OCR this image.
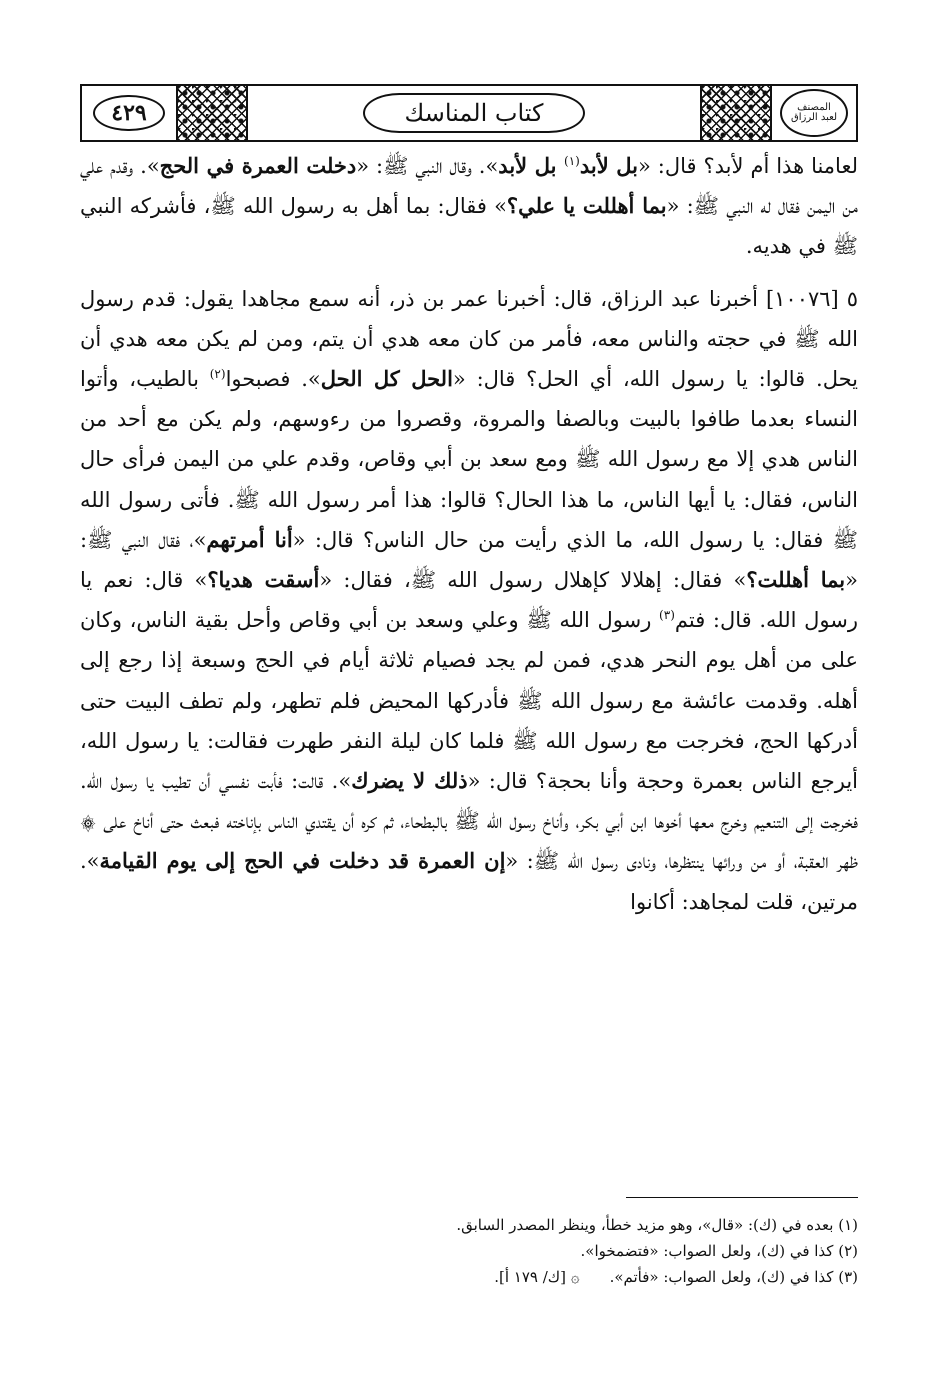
٤٢٩	كتاب المناسك	المصنف
لعبد الرزاق

لعامنا هذا أم لأبد؟ قال: «بل لأبد$^{(١)}$ بل لأبد». وقال النبي ﷺ: «دخلت العمرة في الحج». وقدم علي من اليمن فقال له النبي ﷺ: «بما أهللت يا علي؟» فقال: بما أهل به رسول الله ﷺ، فأشركه النبي ﷺ في هديه.

٥ [١٠٠٧٦] أخبرنا عبد الرزاق، قال: أخبرنا عمر بن ذر، أنه سمع مجاهدا يقول: قدم رسول الله ﷺ في حجته والناس معه، فأمر من كان معه هدي أن يتم، ومن لم يكن معه هدي أن يحل. قالوا: يا رسول الله، أي الحل؟ قال: «الحل كل الحل». فصبحوا$^{(٢)}$ بالطيب، وأتوا النساء بعدما طافوا بالبيت وبالصفا والمروة، وقصروا من رءوسهم، ولم يكن مع أحد من الناس هدي إلا مع رسول الله ﷺ ومع سعد بن أبي وقاص، وقدم علي من اليمن فرأى حال الناس، فقال: يا أيها الناس، ما هذا الحال؟ قالوا: هذا أمر رسول الله ﷺ. فأتى رسول الله ﷺ فقال: يا رسول الله، ما الذي رأيت من حال الناس؟ قال: «أنا أمرتهم»، فقال النبي ﷺ: «بما أهللت؟» فقال: إهلالا كإهلال رسول الله ﷺ، فقال: «أسقت هديا؟» قال: نعم يا رسول الله. قال: فتم$^{(٣)}$ رسول الله ﷺ وعلي وسعد بن أبي وقاص وأحل بقية الناس، وكان على من أهل يوم النحر هدي، فمن لم يجد فصيام ثلاثة أيام في الحج وسبعة إذا رجع إلى أهله. وقدمت عائشة مع رسول الله ﷺ فأدركها المحيض فلم تطهر، ولم تطف البيت حتى أدركها الحج، فخرجت مع رسول الله ﷺ فلما كان ليلة النفر طهرت فقالت: يا رسول الله، أيرجع الناس بعمرة وحجة وأنا بحجة؟ قال: «ذلك لا يضرك». قالت: فأبت نفسي أن تطيب يا رسول الله. فخرجت إلى التنعيم وخرج معها أخوها ابن أبي بكر، وأناخ رسول الله ﷺ بالبطحاء، ثم كره أن يقتدي الناس بإناخته فبعث حتى أناخ على ۞ ظهر العقبة، أو من ورائها ينتظرها، ونادى رسول الله ﷺ: «إن العمرة قد دخلت في الحج إلى يوم القيامة». مرتين، قلت لمجاهد: أكانوا

(١) بعده في (ك): «قال»، وهو مزيد خطأ، وينظر المصدر السابق.

(٢) كذا في (ك)، ولعل الصواب: «فتضمخوا».

(٣) كذا في (ك)، ولعل الصواب: «فأتم».
۞ [ك/ ١٧٩ أ].
